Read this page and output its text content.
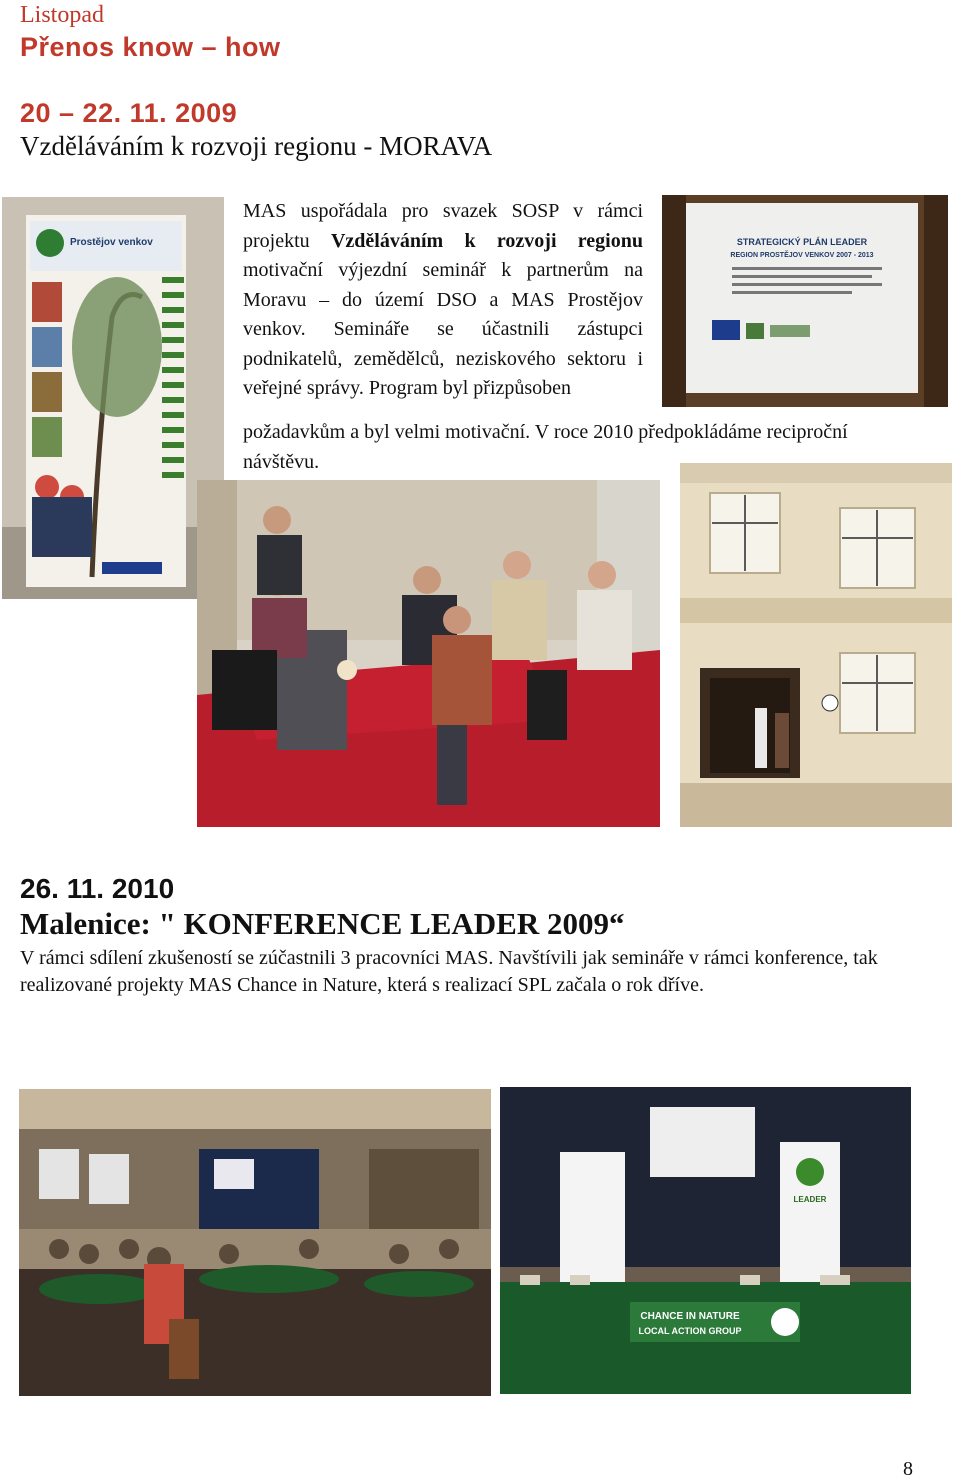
Listopad
Přenos know – how
20 – 22. 11. 2009
Vzděláváním k rozvoji regionu - MORAVA
MAS uspořádala pro svazek SOSP v rámci projektu Vzděláváním k rozvoji regionu motivační výjezdní seminář k partnerům na Moravu – do území DSO a MAS Prostějov venkov. Semináře se účastnili zástupci podnikatelů, zemědělců, neziskového sektoru i veřejné správy. Program byl přizpůsoben
požadavkům a byl velmi motivační. V roce 2010 předpokládáme reciproční návštěvu.
Prostějov venkov	STRATEGICKÝ PLÁN LEADER
REGION PROSTĚJOV VENKOV 2007 - 2013
26. 11. 2010
Malenice: " KONFERENCE LEADER 2009“
V rámci sdílení zkušeností se zúčastnili 3 pracovníci MAS. Navštívili jak semináře v rámci konference, tak realizované projekty MAS Chance in Nature, která s realizací SPL začala o rok dříve.
LEADER
CHANCE IN NATURE
LOCAL ACTION GROUP
8
